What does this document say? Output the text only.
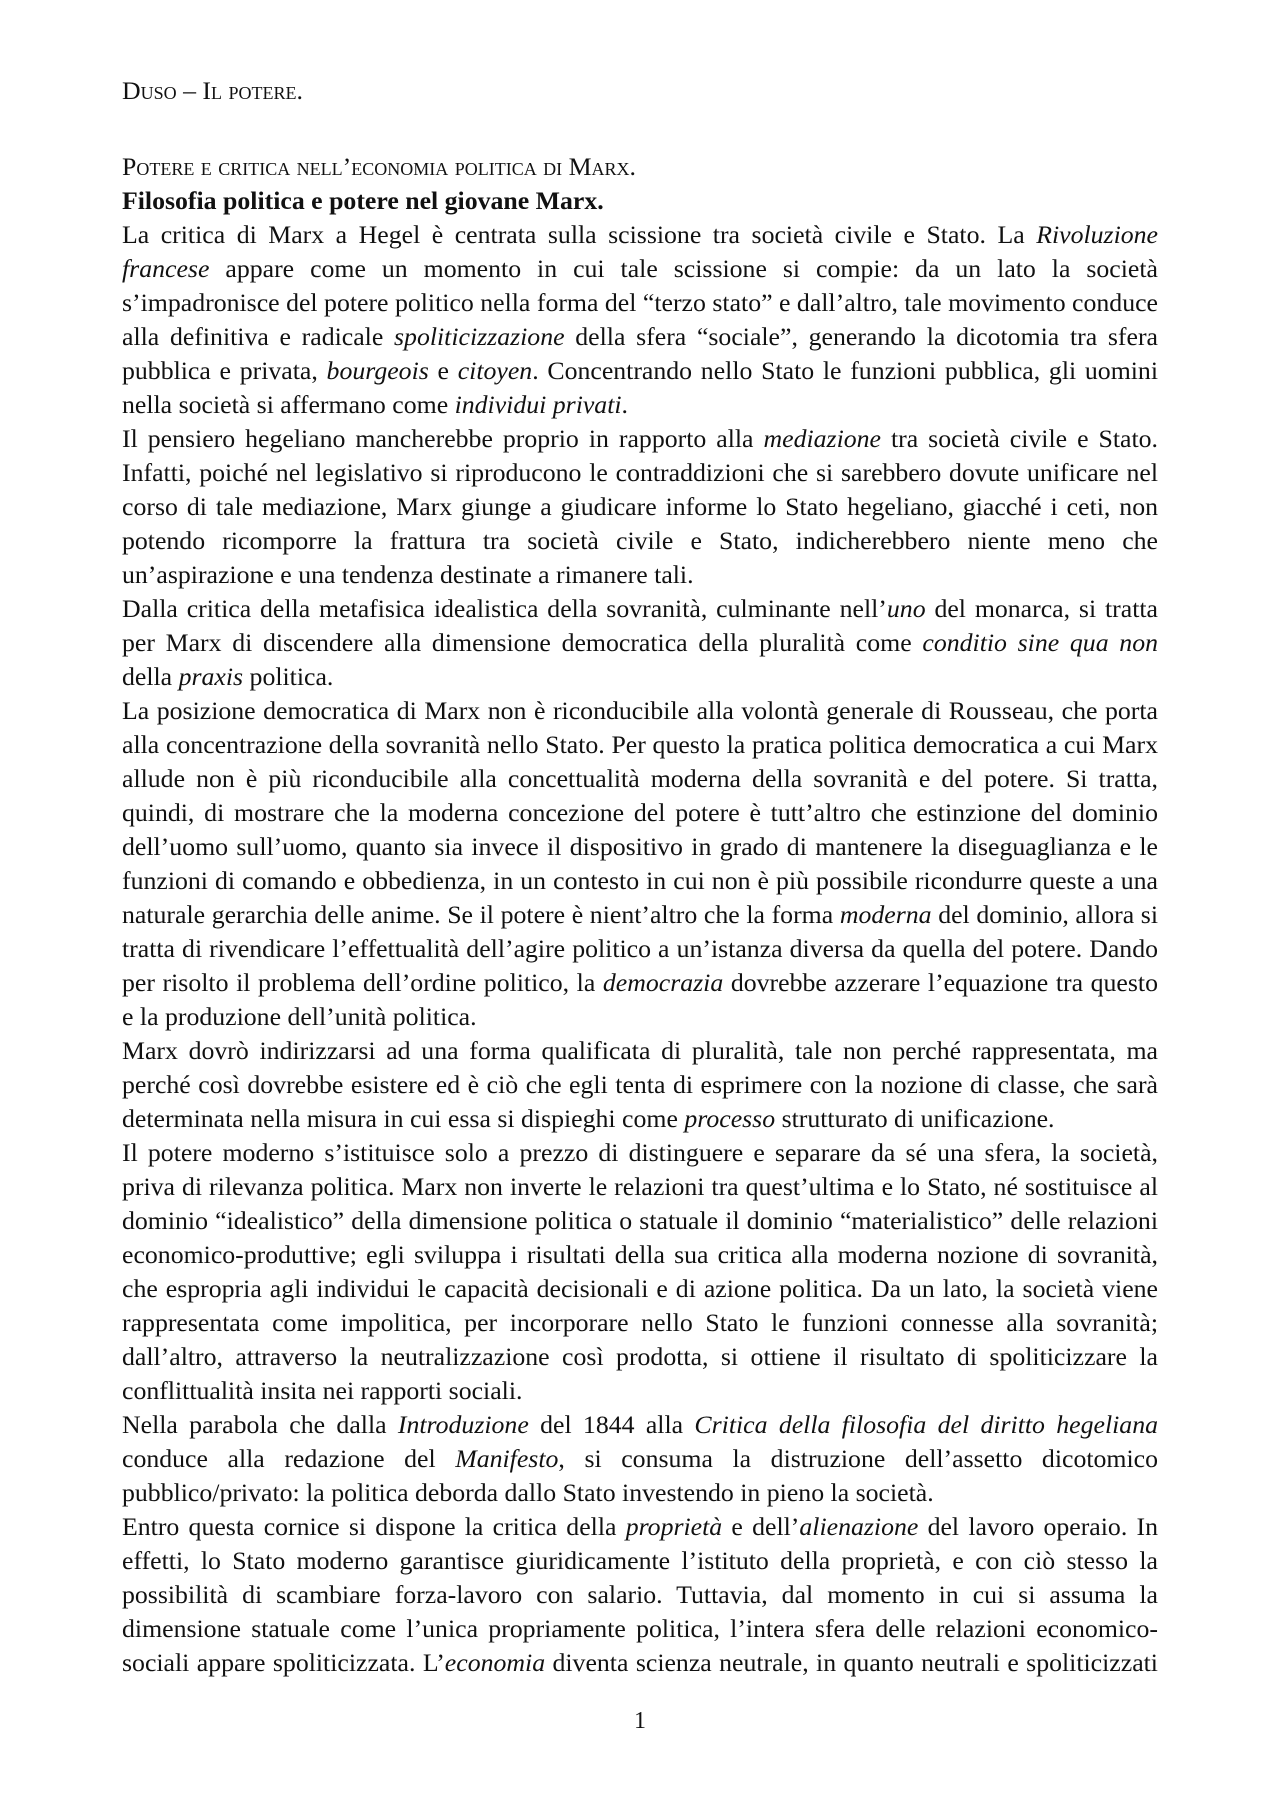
Duso – Il potere.

Potere e critica nell’economia politica di Marx.

Filosofia politica e potere nel giovane Marx.

La critica di Marx a Hegel è centrata sulla scissione tra società civile e Stato. La Rivoluzione francese appare come un momento in cui tale scissione si compie: da un lato la società s’impadronisce del potere politico nella forma del “terzo stato” e dall’altro, tale movimento conduce alla definitiva e radicale spoliticizzazione della sfera “sociale”, generando la dicotomia tra sfera pubblica e privata, bourgeois e citoyen. Concentrando nello Stato le funzioni pubblica, gli uomini nella società si affermano come individui privati.

Il pensiero hegeliano mancherebbe proprio in rapporto alla mediazione tra società civile e Stato. Infatti, poiché nel legislativo si riproducono le contraddizioni che si sarebbero dovute unificare nel corso di tale mediazione, Marx giunge a giudicare informe lo Stato hegeliano, giacché i ceti, non potendo ricomporre la frattura tra società civile e Stato, indicherebbero niente meno che un’aspirazione e una tendenza destinate a rimanere tali.

Dalla critica della metafisica idealistica della sovranità, culminante nell’uno del monarca, si tratta per Marx di discendere alla dimensione democratica della pluralità come conditio sine qua non della praxis politica.

La posizione democratica di Marx non è riconducibile alla volontà generale di Rousseau, che porta alla concentrazione della sovranità nello Stato. Per questo la pratica politica democratica a cui Marx allude non è più riconducibile alla concettualità moderna della sovranità e del potere. Si tratta, quindi, di mostrare che la moderna concezione del potere è tutt’altro che estinzione del dominio dell’uomo sull’uomo, quanto sia invece il dispositivo in grado di mantenere la diseguaglianza e le funzioni di comando e obbedienza, in un contesto in cui non è più possibile ricondurre queste a una naturale gerarchia delle anime. Se il potere è nient’altro che la forma moderna del dominio, allora si tratta di rivendicare l’effettualità dell’agire politico a un’istanza diversa da quella del potere. Dando per risolto il problema dell’ordine politico, la democrazia dovrebbe azzerare l’equazione tra questo e la produzione dell’unità politica.

Marx dovrò indirizzarsi ad una forma qualificata di pluralità, tale non perché rappresentata, ma perché così dovrebbe esistere ed è ciò che egli tenta di esprimere con la nozione di classe, che sarà determinata nella misura in cui essa si dispieghi come processo strutturato di unificazione.

Il potere moderno s’istituisce solo a prezzo di distinguere e separare da sé una sfera, la società, priva di rilevanza politica. Marx non inverte le relazioni tra quest’ultima e lo Stato, né sostituisce al dominio “idealistico” della dimensione politica o statuale il dominio “materialistico” delle relazioni economico-produttive; egli sviluppa i risultati della sua critica alla moderna nozione di sovranità, che espropria agli individui le capacità decisionali e di azione politica. Da un lato, la società viene rappresentata come impolitica, per incorporare nello Stato le funzioni connesse alla sovranità; dall’altro, attraverso la neutralizzazione così prodotta, si ottiene il risultato di spoliticizzare la conflittualità insita nei rapporti sociali.

Nella parabola che dalla Introduzione del 1844 alla Critica della filosofia del diritto hegeliana conduce alla redazione del Manifesto, si consuma la distruzione dell’assetto dicotomico pubblico/privato: la politica deborda dallo Stato investendo in pieno la società.

Entro questa cornice si dispone la critica della proprietà e dell’alienazione del lavoro operaio. In effetti, lo Stato moderno garantisce giuridicamente l’istituto della proprietà, e con ciò stesso la possibilità di scambiare forza-lavoro con salario. Tuttavia, dal momento in cui si assuma la dimensione statuale come l’unica propriamente politica, l’intera sfera delle relazioni economico-sociali appare spoliticizzata. L’economia diventa scienza neutrale, in quanto neutrali e spoliticizzati

1
